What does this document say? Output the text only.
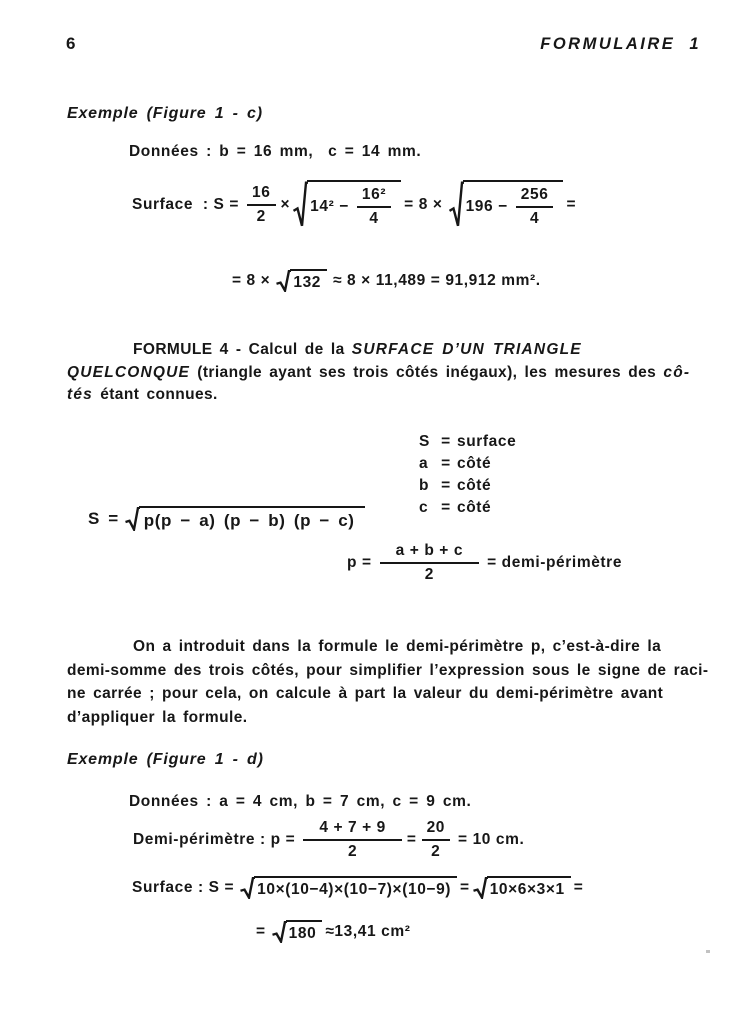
6	FORMULAIRE 1
Exemple (Figure 1 - c)
Données : b = 16 mm,  c = 14 mm.
Surface  : $S = \frac{16}{2} \times 14^2 - \frac{\text{16²}}{4} = 8 \times 196 - \frac{256}{4}$ =
= 8 × 132 ≈ 8 × 11,489 = 91,912 mm².
FORMULE 4 - Calcul de la SURFACE D’UN TRIANGLE
QUELCONQUE (triangle ayant ses trois côtés inégaux), les mesures des cô-
tés étant connues.
S = surface
a = côté
b = côté
c = côté
S = p(p − a) (p − b) (p − c)
$p = \frac{a + b + c}{2}$ = demi-périmètre
On a introduit dans la formule le demi-périmètre p, c’est-à-dire la
demi-somme des trois côtés, pour simplifier l’expression sous le signe de raci-
ne carrée ; pour cela, on calcule à part la valeur du demi-périmètre avant
d’appliquer la formule.
Exemple (Figure 1 - d)
Données : a = 4 cm, b = 7 cm, c = 9 cm.
Demi-périmètre : $p = \frac{4 + 7 + 9}{2} = \frac{20}{2} = 10$ cm.
Surface : S = 10×(10−4)×(10−7)×(10−9) = 10×6×3×1 =
= 180 ≈13,41 cm²
